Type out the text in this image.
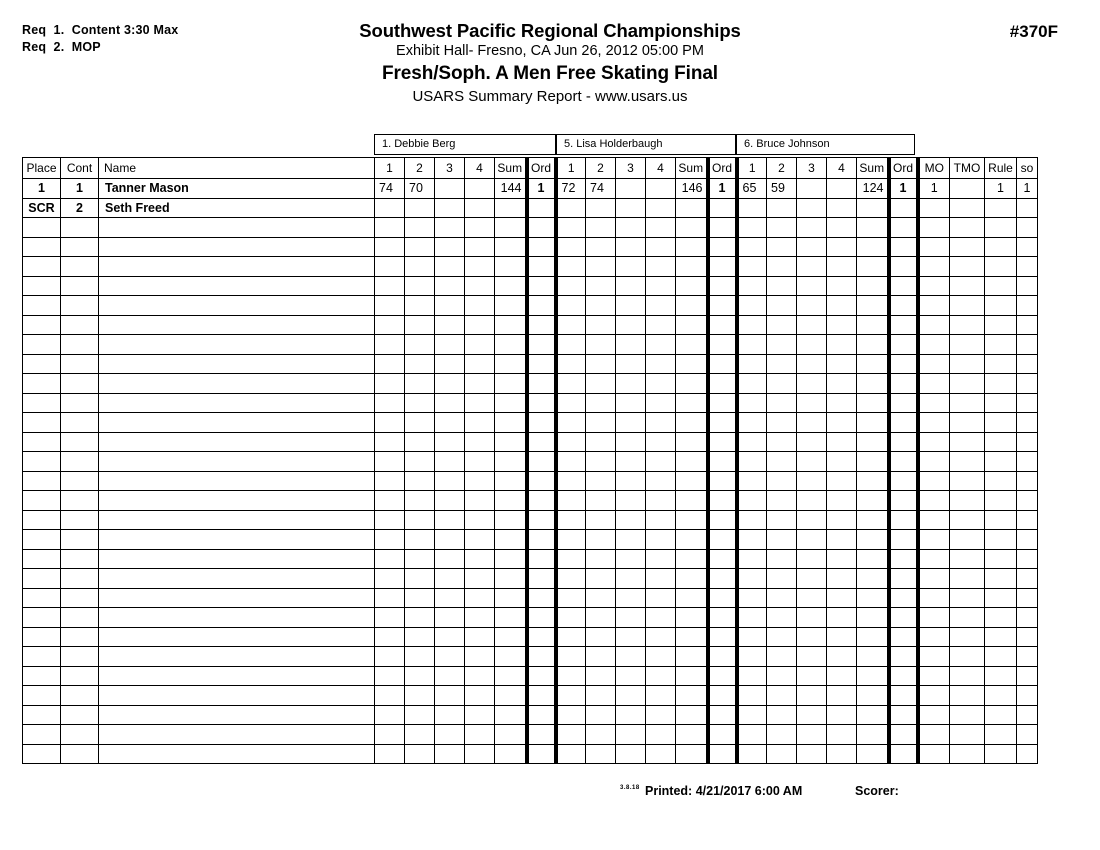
Req  1.  Content 3:30 Max
Req  2.  MOP
Southwest Pacific Regional Championships
Exhibit Hall- Fresno, CA Jun 26, 2012 05:00 PM
Fresh/Soph. A Men Free Skating Final
USARS Summary Report - www.usars.us
#370F
1. Debbie Berg	5. Lisa Holderbaugh	6. Bruce Johnson
Place	Cont	Name	1	2	3	4	Sum	Ord	1	2	3	4	Sum	Ord	1	2	3	4	Sum	Ord	MO	TMO	Rule	so
1	1	Tanner Mason	74	70			144	1	72	74			146	1	65	59			124	1	1		1	1
SCR	2	Seth Freed																						

3.8.18 Printed: 4/21/2017 6:00 AM	Scorer:
